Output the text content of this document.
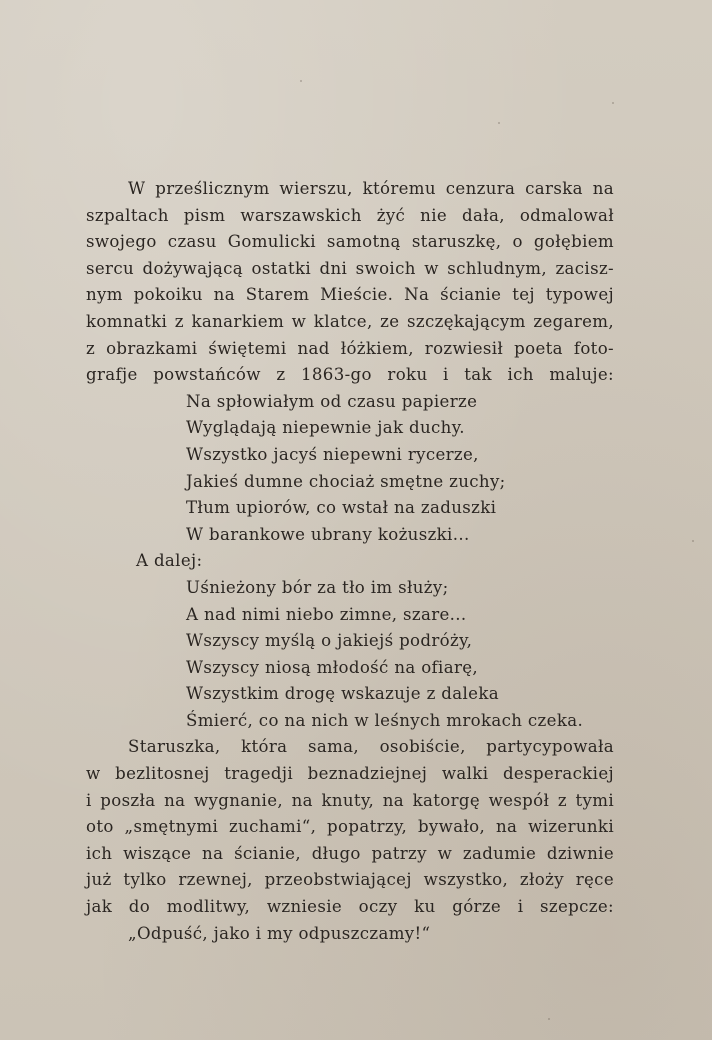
W prześlicznym wierszu, któremu cenzura carska na
szpaltach pism warszawskich żyć nie dała, odmalował
swojego czasu Gomulicki samotną staruszkę, o gołębiem
sercu dożywającą ostatki dni swoich w schludnym, zacisz-
nym pokoiku na Starem Mieście. Na ścianie tej typowej
komnatki z kanarkiem w klatce, ze szczękającym zegarem,
z obrazkami świętemi nad łóżkiem, rozwiesił poeta foto-
grafje powstańców z 1863-go roku i tak ich maluje:
Na spłowiałym od czasu papierze
Wyglądają niepewnie jak duchy.
Wszystko jacyś niepewni rycerze,
Jakieś dumne chociaż smętne zuchy;
Tłum upiorów, co wstał na zaduszki
W barankowe ubrany kożuszki...
A dalej:
Uśnieżony bór za tło im służy;
A nad nimi niebo zimne, szare...
Wszyscy myślą o jakiejś podróży,
Wszyscy niosą młodość na ofiarę,
Wszystkim drogę wskazuje z daleka
Śmierć, co na nich w leśnych mrokach czeka.
Staruszka, która sama, osobiście, partycypowała
w bezlitosnej tragedji beznadziejnej walki desperackiej
i poszła na wygnanie, na knuty, na katorgę wespół z tymi
oto „smętnymi zuchami“, popatrzy, bywało, na wizerunki
ich wiszące na ścianie, długo patrzy w zadumie dziwnie
już tylko rzewnej, przeobstwiającej wszystko, złoży ręce
jak do modlitwy, wzniesie oczy ku górze i szepcze:
„Odpuść, jako i my odpuszczamy!“
